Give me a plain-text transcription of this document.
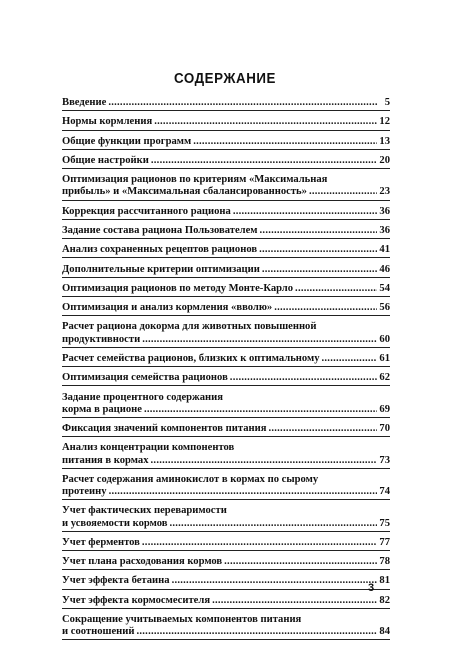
СОДЕРЖАНИЕ
Введение . . .	5
Нормы кормления . . .	12
Общие функции программ . . .	13
Общие настройки . . .	20
Оптимизация рационов по критериям «Максимальная
прибыль» и «Максимальная сбалансированность» . . .	23
Коррекция рассчитанного рациона . . .	36
Задание состава рациона Пользователем . . .	36
Анализ сохраненных рецептов рационов . . .	41
Дополнительные критерии оптимизации . . .	46
Оптимизация рационов по методу Монте-Карло . . .	54
Оптимизация и анализ кормления «вволю» . . .	56
Расчет рациона докорма для животных повышенной
продуктивности . . .	60
Расчет семейства рационов, близких к оптимальному . . .	61
Оптимизация семейства рационов . . .	62
Задание процентного содержания
корма в рационе . . .	69
Фиксация значений компонентов питания . . .	70
Анализ концентрации компонентов
питания в кормах . . .	73
Расчет содержания аминокислот в кормах по сырому
протеину . . .	74
Учет фактических переваримости
и усвояемости кормов . . .	75
Учет ферментов . . .	77
Учет плана расходования кормов . . .	78
Учет эффекта бетаина . . .	81
Учет эффекта кормосмесителя . . .	82
Сокращение учитываемых компонентов питания
и соотношений . . .	84
3
